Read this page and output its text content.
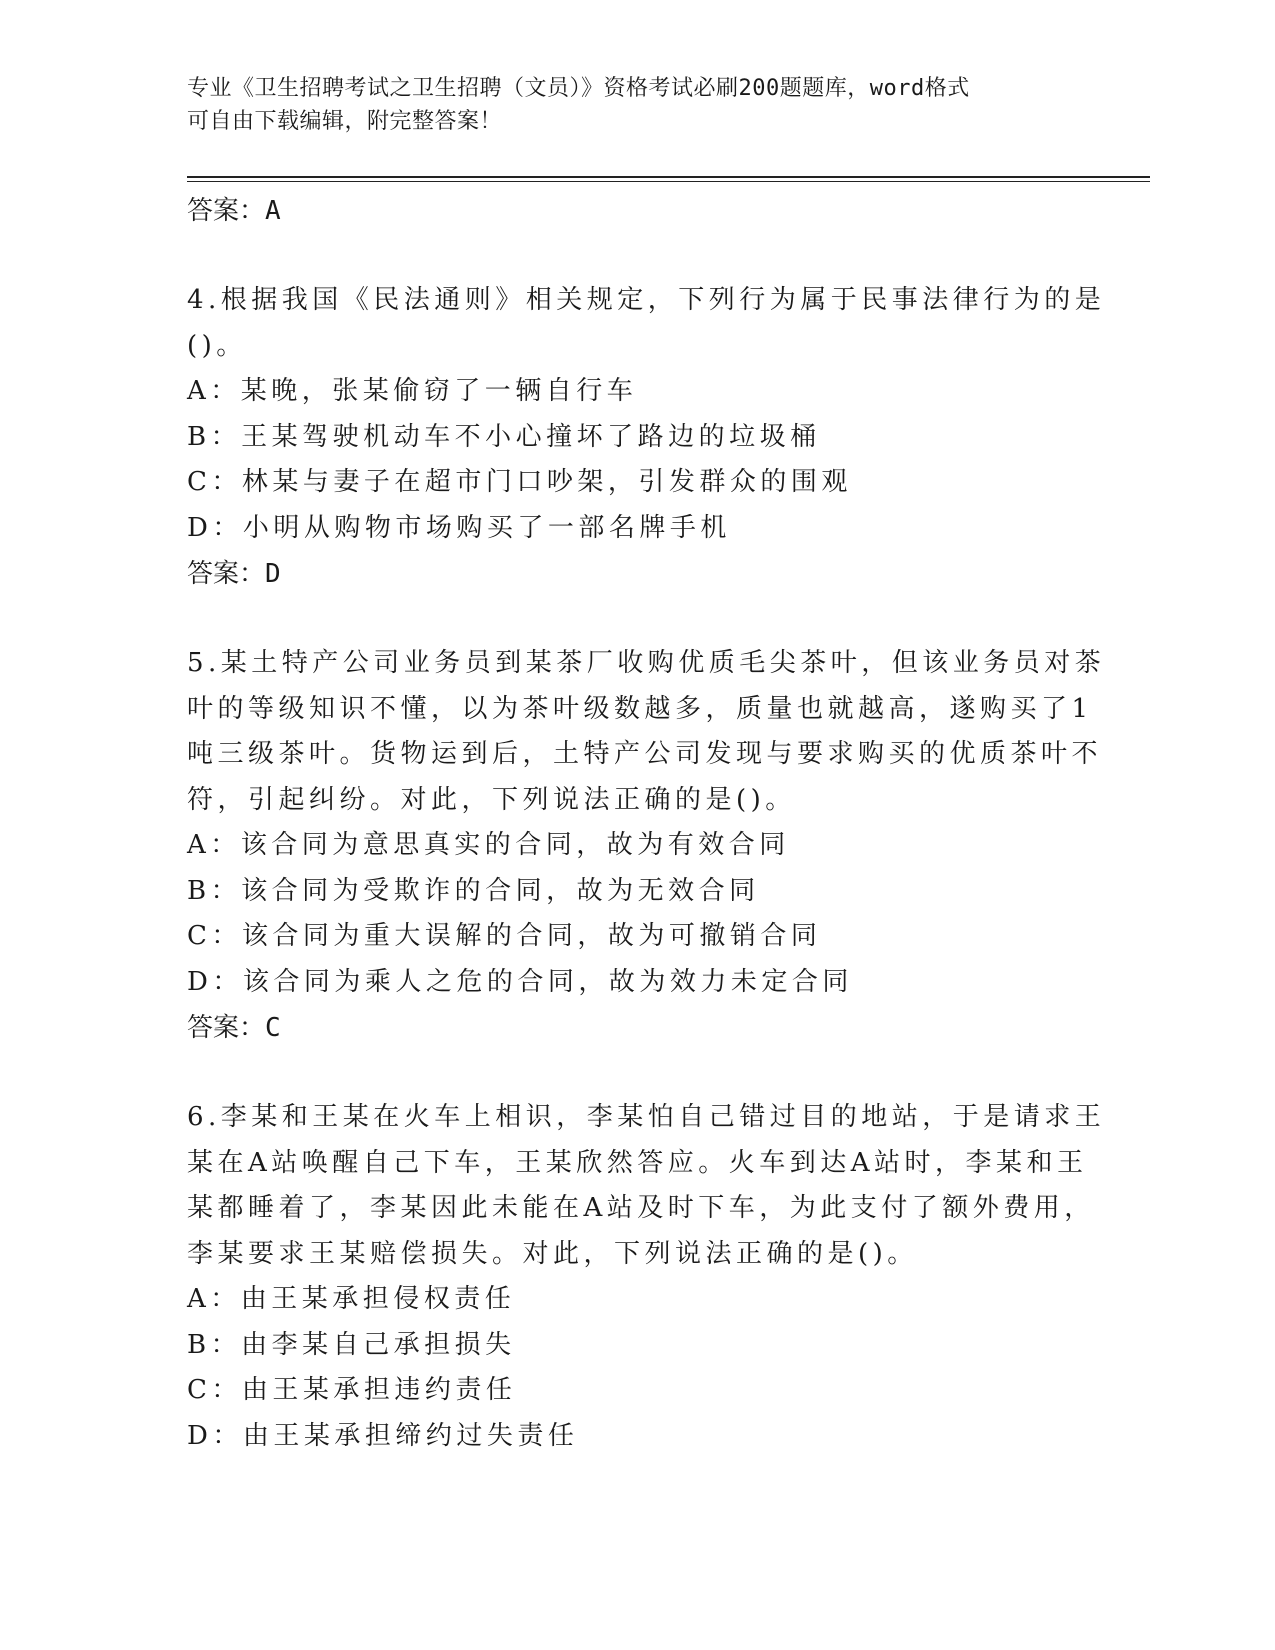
专业《卫生招聘考试之卫生招聘（文员）》资格考试必刷200题题库，word格式
可自由下载编辑，附完整答案！
答案：A
4.根据我国《民法通则》相关规定，下列行为属于民事法律行为的是
()。
A：某晚，张某偷窃了一辆自行车
B：王某驾驶机动车不小心撞坏了路边的垃圾桶
C：林某与妻子在超市门口吵架，引发群众的围观
D：小明从购物市场购买了一部名牌手机
答案：D
5.某土特产公司业务员到某茶厂收购优质毛尖茶叶，但该业务员对茶
叶的等级知识不懂，以为茶叶级数越多，质量也就越高，遂购买了1
吨三级茶叶。货物运到后，土特产公司发现与要求购买的优质茶叶不
符，引起纠纷。对此，下列说法正确的是()。
A：该合同为意思真实的合同，故为有效合同
B：该合同为受欺诈的合同，故为无效合同
C：该合同为重大误解的合同，故为可撤销合同
D：该合同为乘人之危的合同，故为效力未定合同
答案：C
6.李某和王某在火车上相识，李某怕自己错过目的地站，于是请求王
某在A站唤醒自己下车，王某欣然答应。火车到达A站时，李某和王
某都睡着了，李某因此未能在A站及时下车，为此支付了额外费用，
李某要求王某赔偿损失。对此，下列说法正确的是()。
A：由王某承担侵权责任
B：由李某自己承担损失
C：由王某承担违约责任
D：由王某承担缔约过失责任
